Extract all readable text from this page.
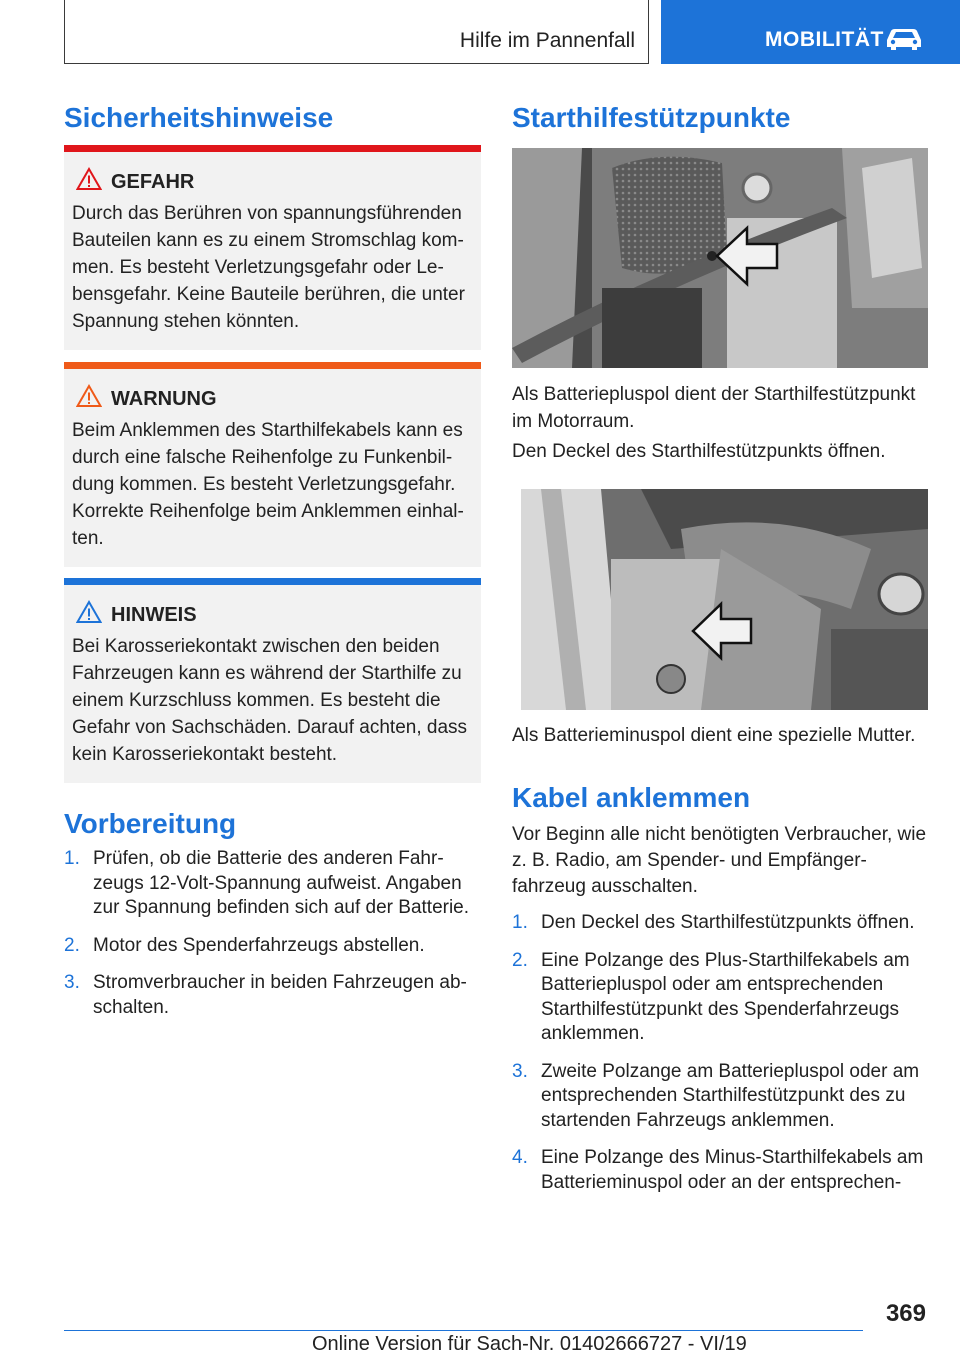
Hilfe im Pannenfall	MOBILITÄT
Sicherheitshinweise
GEFAHR
Durch das Berühren von spannungsführenden Bauteilen kann es zu einem Stromschlag kom-men. Es besteht Verletzungsgefahr oder Le-bensgefahr. Keine Bauteile berühren, die unter Spannung stehen könnten.
WARNUNG
Beim Anklemmen des Starthilfekabels kann es durch eine falsche Reihenfolge zu Funkenbil-dung kommen. Es besteht Verletzungsgefahr. Korrekte Reihenfolge beim Anklemmen einhal-ten.
HINWEIS
Bei Karosseriekontakt zwischen den beiden Fahrzeugen kann es während der Starthilfe zu einem Kurzschluss kommen. Es besteht die Gefahr von Sachschäden. Darauf achten, dass kein Karosseriekontakt besteht.
Vorbereitung
1. Prüfen, ob die Batterie des anderen Fahr-zeugs 12-Volt-Spannung aufweist. Angaben zur Spannung befinden sich auf der Batterie.
2. Motor des Spenderfahrzeugs abstellen.
3. Stromverbraucher in beiden Fahrzeugen ab-schalten.
Starthilfestützpunkte
Als Batteriepluspol dient der Starthilfestützpunkt im Motorraum.
Den Deckel des Starthilfestützpunkts öffnen.
Als Batterieminuspol dient eine spezielle Mutter.
Kabel anklemmen
Vor Beginn alle nicht benötigten Verbraucher, wie z. B. Radio, am Spender- und Empfänger-fahrzeug ausschalten.
1. Den Deckel des Starthilfestützpunkts öffnen.
2. Eine Polzange des Plus-Starthilfekabels am Batteriepluspol oder am entsprechenden Starthilfestützpunkt des Spenderfahrzeugs anklemmen.
3. Zweite Polzange am Batteriepluspol oder am entsprechenden Starthilfestützpunkt des zu startenden Fahrzeugs anklemmen.
4. Eine Polzange des Minus-Starthilfekabels am Batterieminuspol oder an der entsprechen-
369
Online Version für Sach-Nr. 01402666727 - VI/19
